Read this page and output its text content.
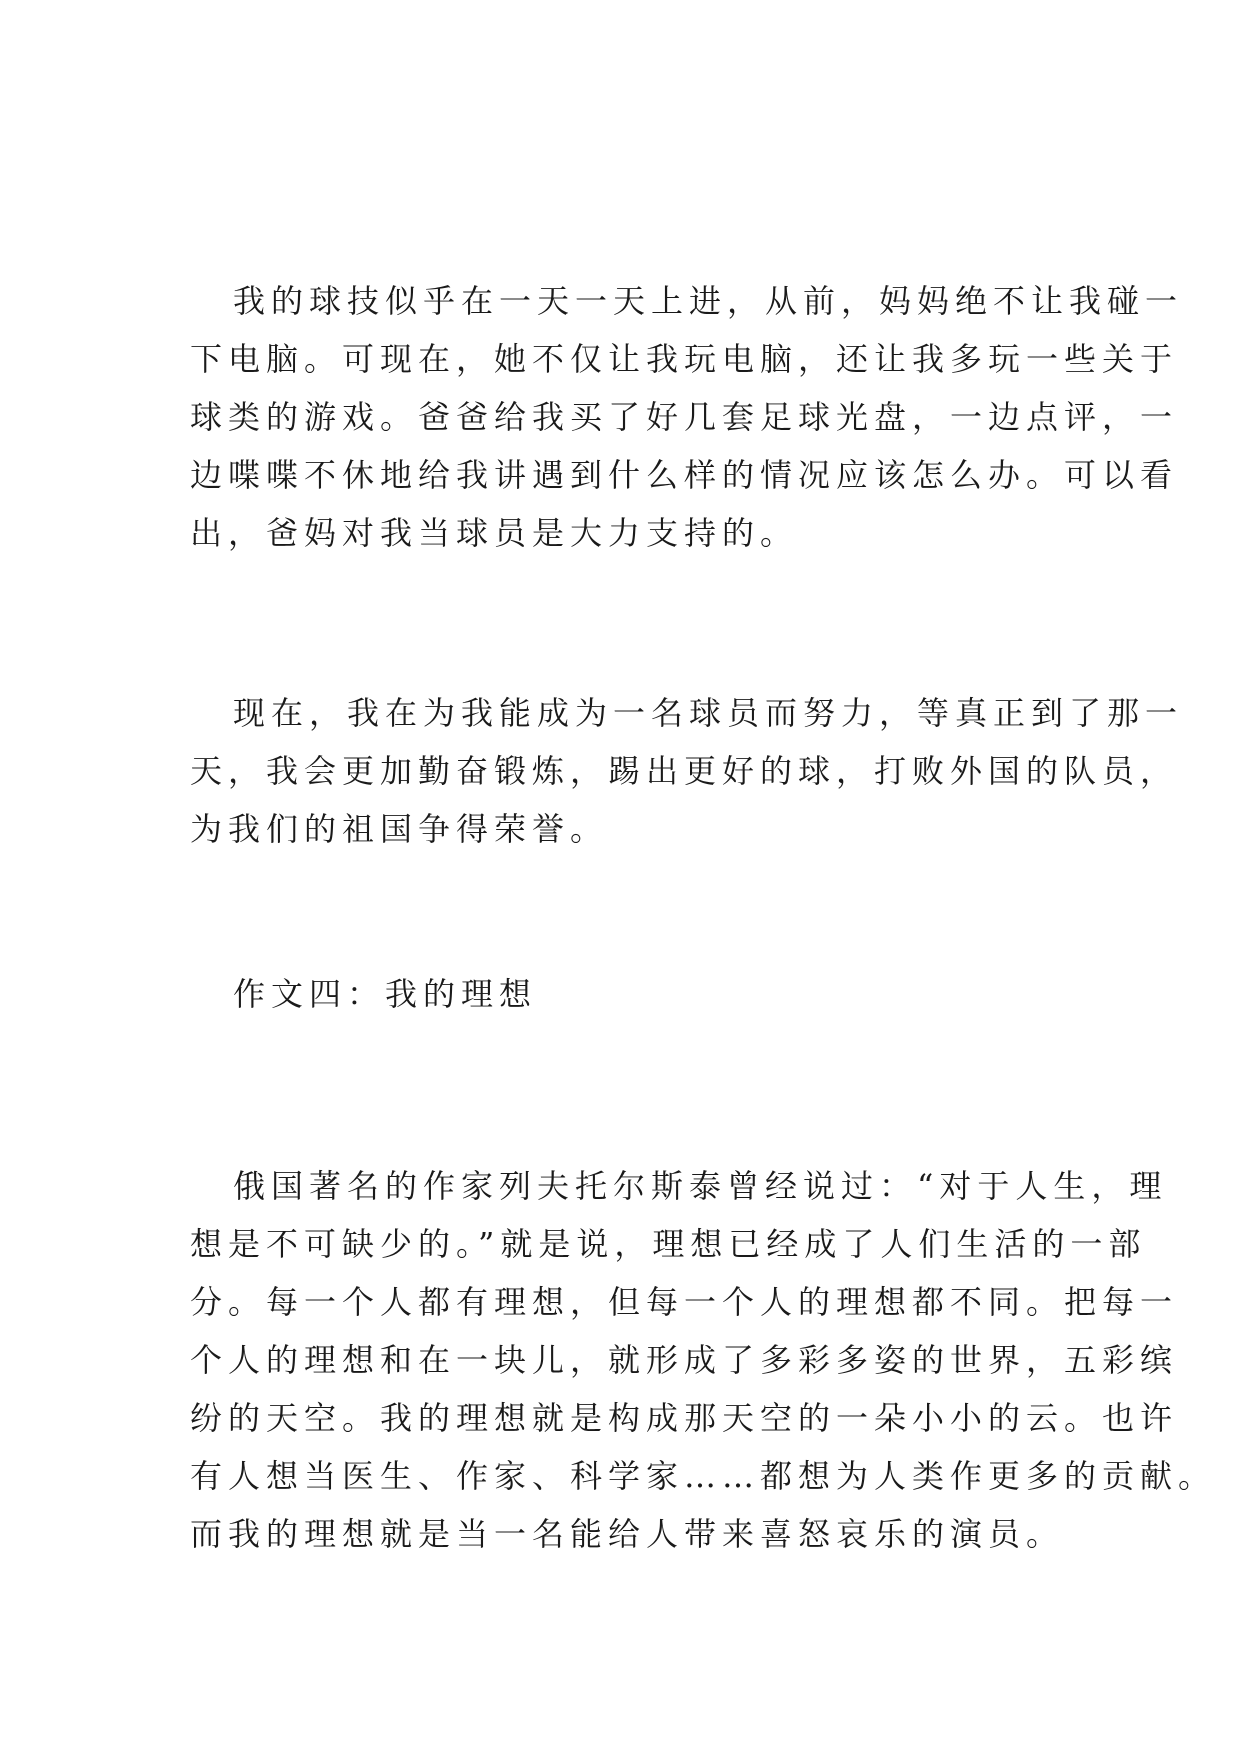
我的球技似乎在一天一天上进，从前，妈妈绝不让我碰一
下电脑。可现在，她不仅让我玩电脑，还让我多玩一些关于
球类的游戏。爸爸给我买了好几套足球光盘，一边点评，一
边喋喋不休地给我讲遇到什么样的情况应该怎么办。可以看
出，爸妈对我当球员是大力支持的。
现在，我在为我能成为一名球员而努力，等真正到了那一
天，我会更加勤奋锻炼，踢出更好的球，打败外国的队员，
为我们的祖国争得荣誉。
作文四：我的理想
俄国著名的作家列夫托尔斯泰曾经说过：“对于人生，理
想是不可缺少的。”就是说，理想已经成了人们生活的一部
分。每一个人都有理想，但每一个人的理想都不同。把每一
个人的理想和在一块儿，就形成了多彩多姿的世界，五彩缤
纷的天空。我的理想就是构成那天空的一朵小小的云。也许
有人想当医生、作家、科学家……都想为人类作更多的贡献。
而我的理想就是当一名能给人带来喜怒哀乐的演员。
